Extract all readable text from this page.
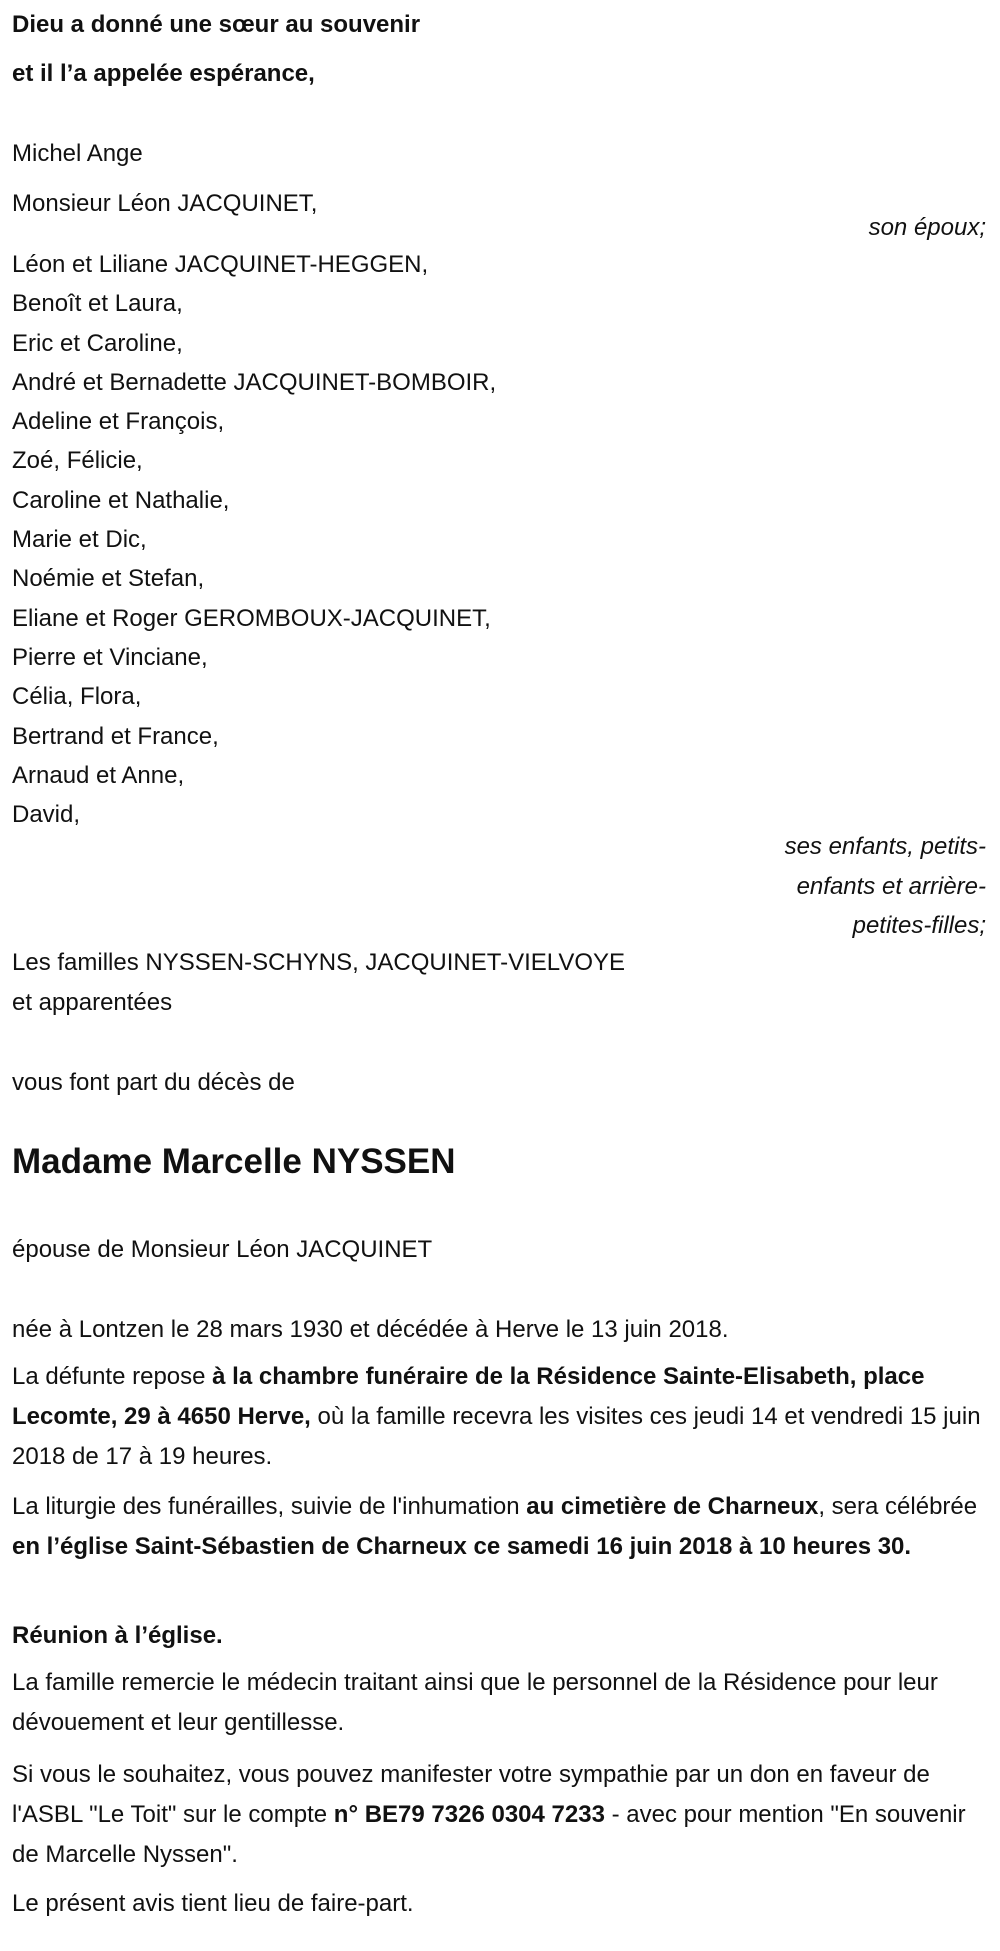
Dieu a donné une sœur au souvenir
et il l’a appelée espérance,
Michel Ange
Monsieur Léon JACQUINET,
son époux;
Léon et Liliane JACQUINET-HEGGEN,
Benoît et Laura,
Eric et Caroline,
André et Bernadette JACQUINET-BOMBOIR,
Adeline et François,
Zoé, Félicie,
Caroline et Nathalie,
Marie et Dic,
Noémie et Stefan,
Eliane et Roger GEROMBOUX-JACQUINET,
Pierre et Vinciane,
Célia, Flora,
Bertrand et France,
Arnaud et Anne,
David,
ses enfants, petits-
enfants et arrière-
petites-filles;
Les familles NYSSEN-SCHYNS, JACQUINET-VIELVOYE
et apparentées
vous font part du décès de
Madame Marcelle NYSSEN
épouse de Monsieur Léon JACQUINET
née à Lontzen le 28 mars 1930 et décédée à Herve le 13 juin 2018.
La défunte repose à la chambre funéraire de la Résidence Sainte-Elisabeth, place Lecomte, 29 à 4650 Herve, où la famille recevra les visites ces jeudi 14 et vendredi 15 juin 2018 de 17 à 19 heures.
La liturgie des funérailles, suivie de l'inhumation au cimetière de Charneux, sera célébrée en l’église Saint-Sébastien de Charneux ce samedi 16 juin 2018 à 10 heures 30.
Réunion à l’église.
La famille remercie le médecin traitant ainsi que le personnel de la Résidence pour leur dévouement et leur gentillesse.
Si vous le souhaitez, vous pouvez manifester votre sympathie par un don en faveur de l'ASBL "Le Toit" sur le compte n° BE79 7326 0304 7233 - avec pour mention "En souvenir de Marcelle Nyssen".
Le présent avis tient lieu de faire-part.
